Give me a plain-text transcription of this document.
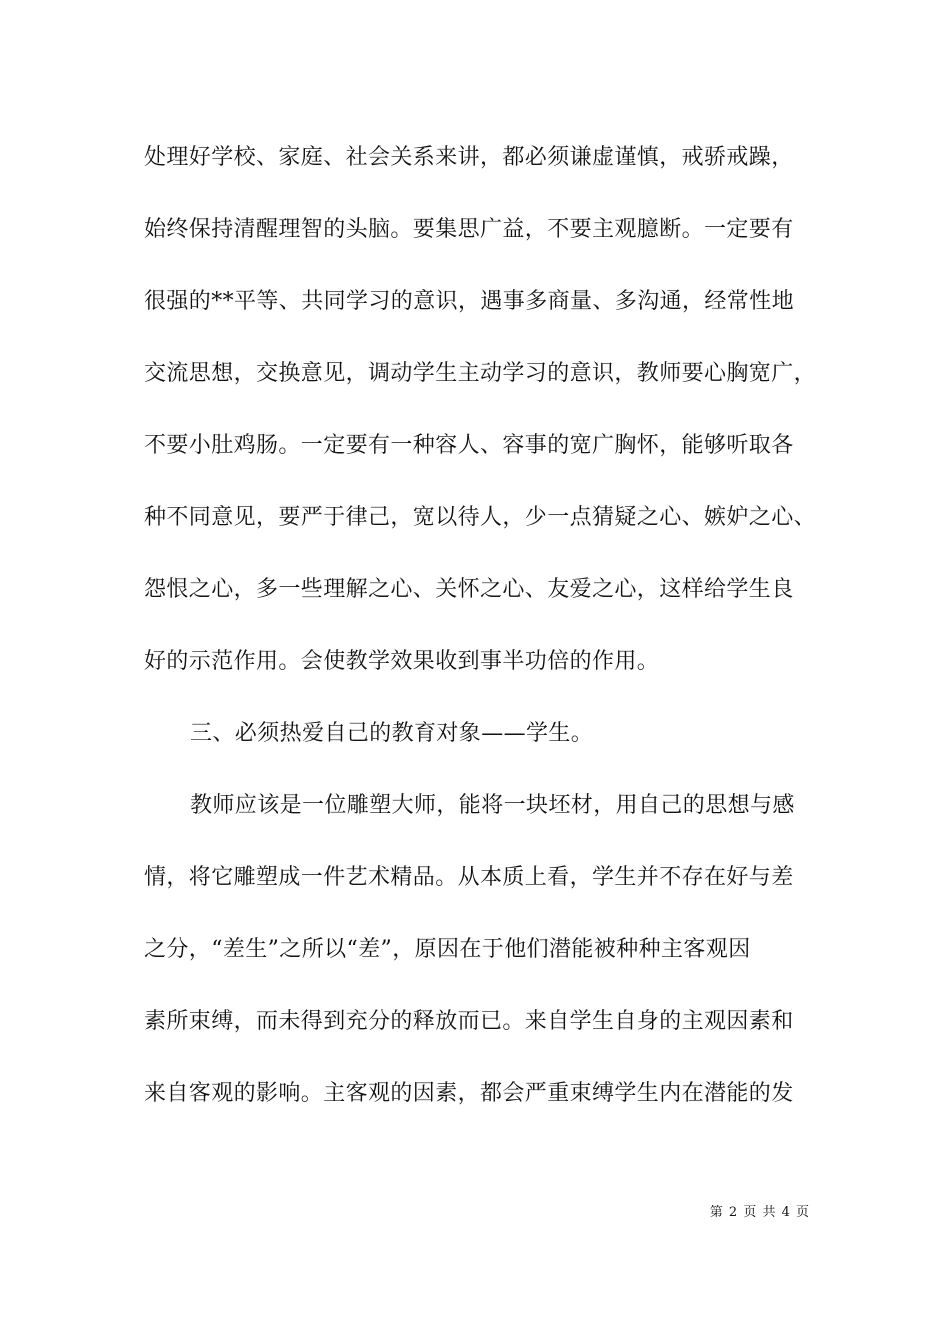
处理好学校、家庭、社会关系来讲，都必须谦虚谨慎，戒骄戒躁，
始终保持清醒理智的头脑。要集思广益，不要主观臆断。一定要有
很强的**平等、共同学习的意识，遇事多商量、多沟通，经常性地
交流思想，交换意见，调动学生主动学习的意识，教师要心胸宽广，
不要小肚鸡肠。一定要有一种容人、容事的宽广胸怀，能够听取各
种不同意见，要严于律己，宽以待人，少一点猜疑之心、嫉妒之心、
怨恨之心，多一些理解之心、关怀之心、友爱之心，这样给学生良
好的示范作用。会使教学效果收到事半功倍的作用。
三、必须热爱自己的教育对象——学生。
教师应该是一位雕塑大师，能将一块坯材，用自己的思想与感
情，将它雕塑成一件艺术精品。从本质上看，学生并不存在好与差
之分，“差生”之所以“差”，原因在于他们潜能被种种主客观因
素所束缚，而未得到充分的释放而已。来自学生自身的主观因素和
来自客观的影响。主客观的因素，都会严重束缚学生内在潜能的发
第 2 页 共 4 页
